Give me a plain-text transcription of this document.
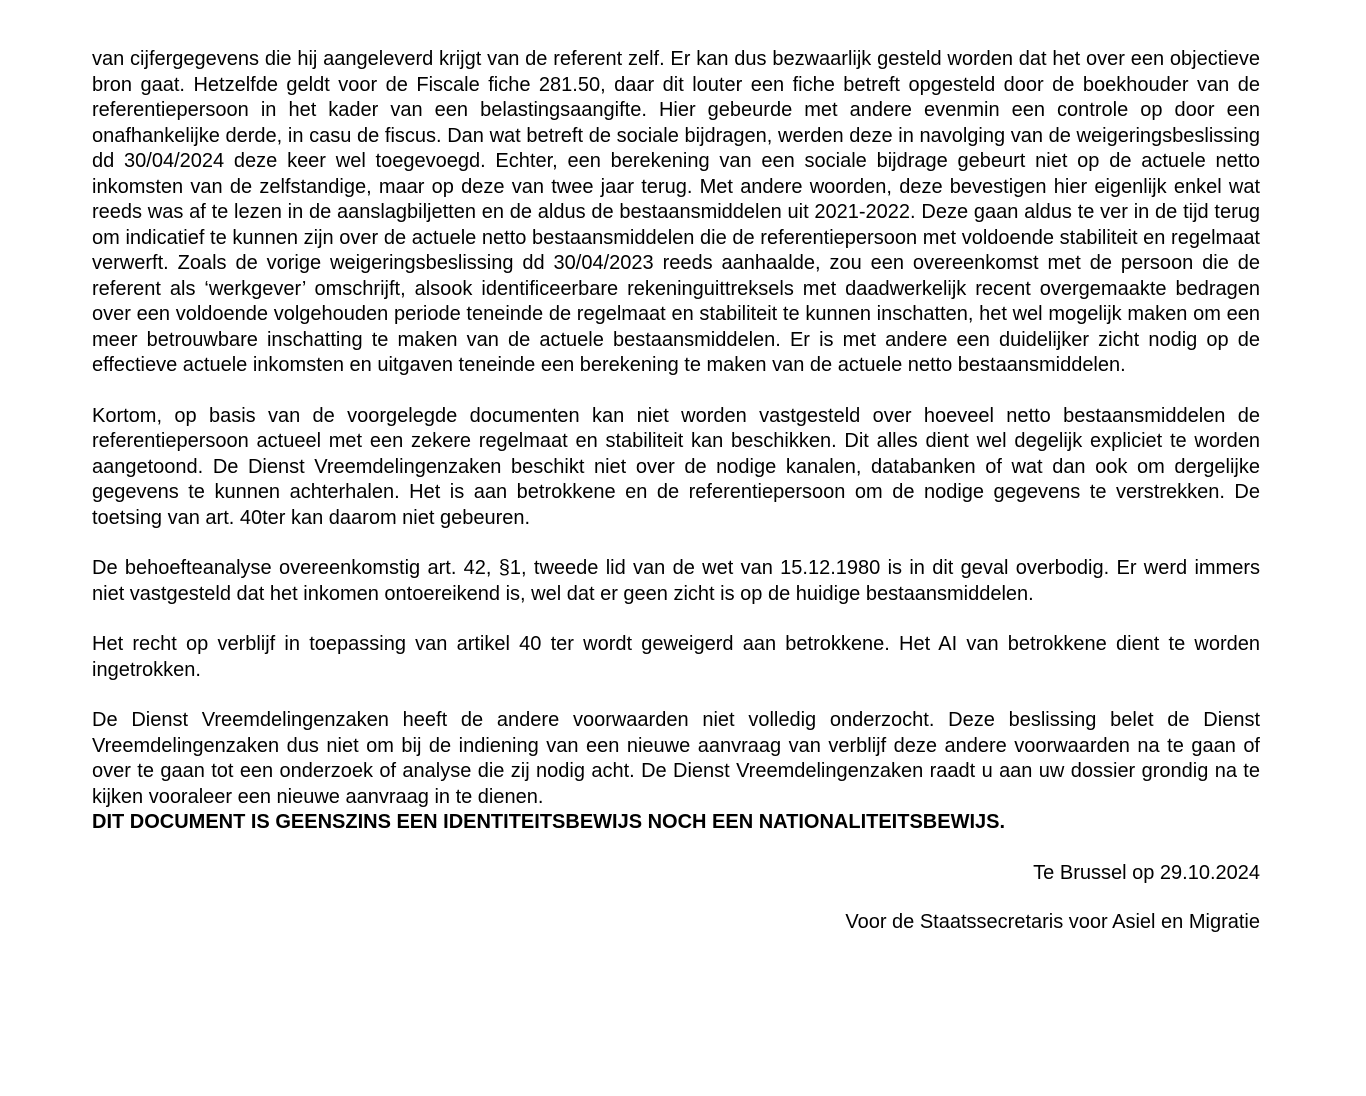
van cijfergegevens die hij aangeleverd krijgt van de referent zelf. Er kan dus bezwaarlijk gesteld worden dat het over een objectieve bron gaat. Hetzelfde geldt voor de Fiscale fiche 281.50, daar dit louter een fiche betreft opgesteld door de boekhouder van de referentiepersoon in het kader van een belastingsaangifte. Hier gebeurde met andere evenmin een controle op door een onafhankelijke derde, in casu de fiscus. Dan wat betreft de sociale bijdragen, werden deze in navolging van de weigeringsbeslissing dd 30/04/2024 deze keer wel toegevoegd. Echter, een berekening van een sociale bijdrage gebeurt niet op de actuele netto inkomsten van de zelfstandige, maar op deze van twee jaar terug. Met andere woorden, deze bevestigen hier eigenlijk enkel wat reeds was af te lezen in de aanslagbiljetten en de aldus de bestaansmiddelen uit 2021-2022. Deze gaan aldus te ver in de tijd terug om indicatief te kunnen zijn over de actuele netto bestaansmiddelen die de referentiepersoon met voldoende stabiliteit en regelmaat verwerft. Zoals de vorige weigeringsbeslissing dd 30/04/2023 reeds aanhaalde, zou een overeenkomst met de persoon die de referent als ‘werkgever’ omschrijft, alsook identificeerbare rekeninguittreksels met daadwerkelijk recent overgemaakte bedragen over een voldoende volgehouden periode teneinde de regelmaat en stabiliteit te kunnen inschatten, het wel mogelijk maken om een meer betrouwbare inschatting te maken van de actuele bestaansmiddelen. Er is met andere een duidelijker zicht nodig op de effectieve actuele inkomsten en uitgaven teneinde een berekening te maken van de actuele netto bestaansmiddelen.

Kortom, op basis van de voorgelegde documenten kan niet worden vastgesteld over hoeveel netto bestaansmiddelen de referentiepersoon actueel met een zekere regelmaat en stabiliteit kan beschikken. Dit alles dient wel degelijk expliciet te worden aangetoond. De Dienst Vreemdelingenzaken beschikt niet over de nodige kanalen, databanken of wat dan ook om dergelijke gegevens te kunnen achterhalen. Het is aan betrokkene en de referentiepersoon om de nodige gegevens te verstrekken. De toetsing van art. 40ter kan daarom niet gebeuren.

De behoefteanalyse overeenkomstig art. 42, §1, tweede lid van de wet van 15.12.1980 is in dit geval overbodig. Er werd immers niet vastgesteld dat het inkomen ontoereikend is, wel dat er geen zicht is op de huidige bestaansmiddelen.

Het recht op verblijf in toepassing van artikel 40 ter wordt geweigerd aan betrokkene. Het AI van betrokkene dient te worden ingetrokken.

De Dienst Vreemdelingenzaken heeft de andere voorwaarden niet volledig onderzocht. Deze beslissing belet de Dienst Vreemdelingenzaken dus niet om bij de indiening van een nieuwe aanvraag van verblijf deze andere voorwaarden na te gaan of over te gaan tot een onderzoek of analyse die zij nodig acht. De Dienst Vreemdelingenzaken raadt u aan uw dossier grondig na te kijken vooraleer een nieuwe aanvraag in te dienen.

DIT DOCUMENT IS GEENSZINS EEN IDENTITEITSBEWIJS NOCH EEN NATIONALITEITSBEWIJS.

Te Brussel op 29.10.2024

Voor de Staatssecretaris voor Asiel en Migratie
